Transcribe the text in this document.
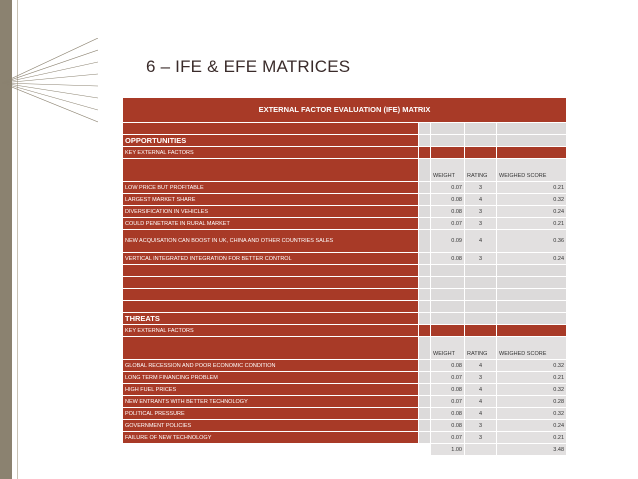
6 – IFE & EFE MATRICES
EXTERNAL FACTOR EVALUATION (IFE) MATRIX				

OPPORTUNITIES				
KEY EXTERNAL FACTORS				
		WEIGHT	RATING	WEIGHED SCORE
LOW PRICE BUT PROFITABLE		0.07	3	0.21
LARGEST MARKET SHARE		0.08	4	0.32
DIVERSIFICATION IN VEHICLES		0.08	3	0.24
COULD PENETRATE IN RURAL MARKET		0.07	3	0.21
NEW ACQUISATION CAN BOOST IN UK, CHINA AND OTHER COUNTRIES SALES		0.09	4	0.36
VERTICAL INTEGRATED INTEGRATION FOR BETTER CONTROL		0.08	3	0.24

THREATS				
KEY EXTERNAL FACTORS				
		WEIGHT	RATING	WEIGHED SCORE
GLOBAL RECESSION AND POOR ECONOMIC CONDITION		0.08	4	0.32
LONG TERM FINANCING PROBLEM		0.07	3	0.21
HIGH FUEL PRICES		0.08	4	0.32
NEW ENTRANTS WITH BETTER TECHNOLOGY		0.07	4	0.28
POLITICAL PRESSURE		0.08	4	0.32
GOVERNMENT POLICIES		0.08	3	0.24
FAILURE OF NEW TECHNOLOGY		0.07	3	0.21
		1.00		3.48
